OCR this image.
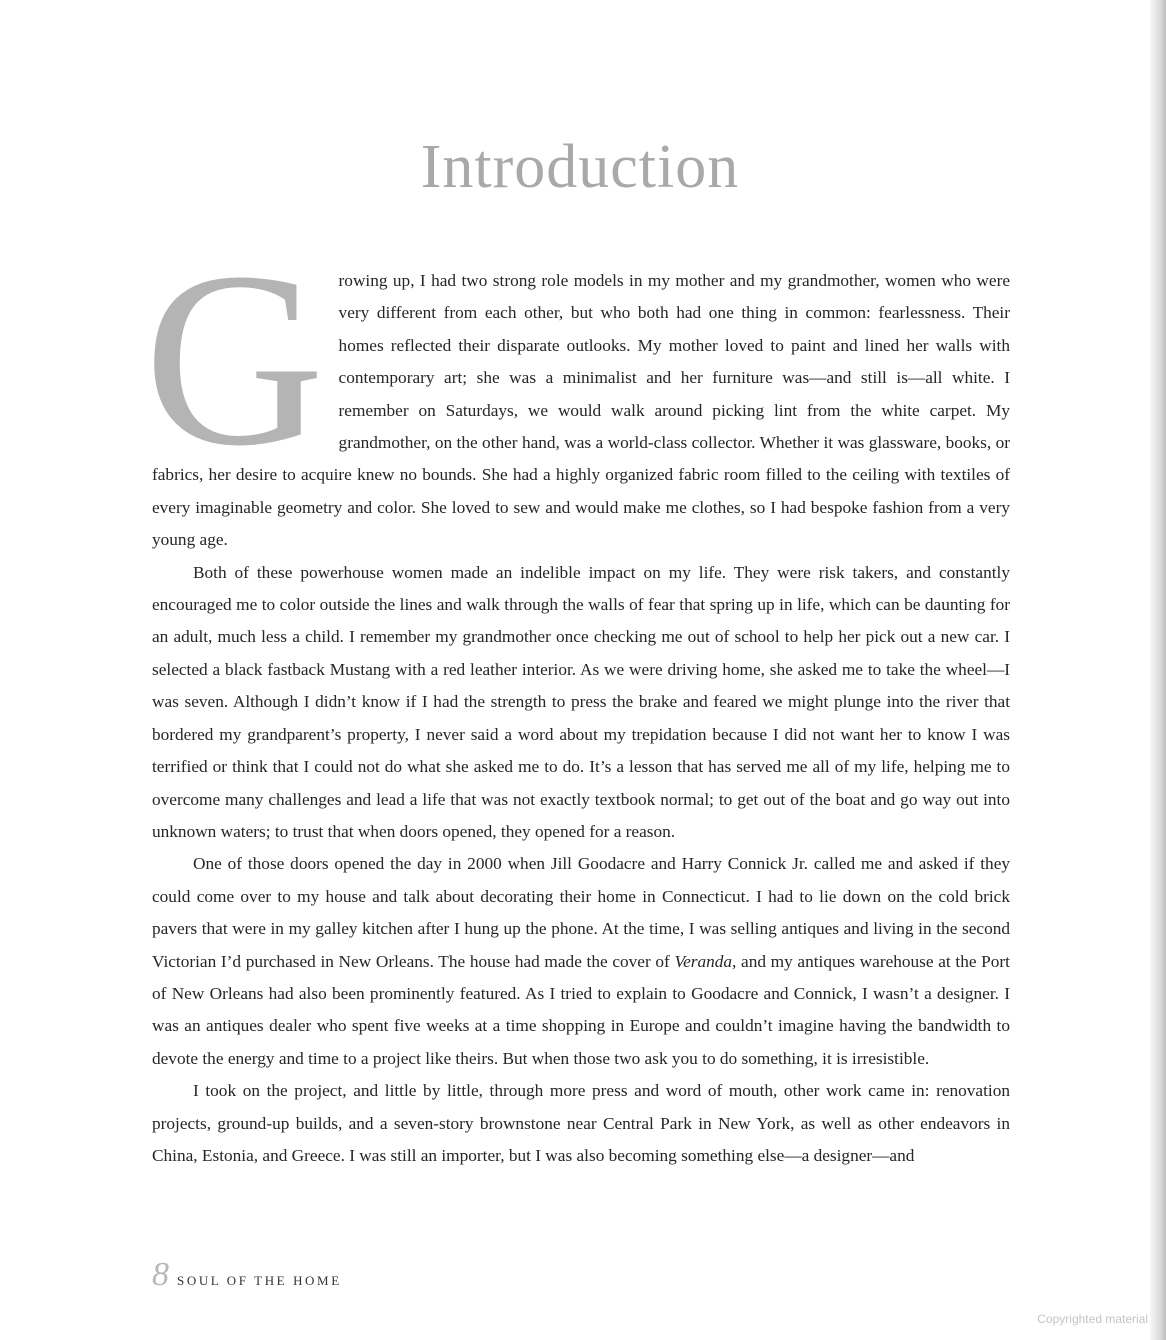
Introduction

Growing up, I had two strong role models in my mother and my grandmother, women who were very different from each other, but who both had one thing in common: fearlessness. Their homes reflected their disparate outlooks. My mother loved to paint and lined her walls with contemporary art; she was a minimalist and her furniture was—and still is—all white. I remember on Saturdays, we would walk around picking lint from the white carpet. My grandmother, on the other hand, was a world-class collector. Whether it was glassware, books, or fabrics, her desire to acquire knew no bounds. She had a highly organized fabric room filled to the ceiling with textiles of every imaginable geometry and color. She loved to sew and would make me clothes, so I had bespoke fashion from a very young age.

Both of these powerhouse women made an indelible impact on my life. They were risk takers, and constantly encouraged me to color outside the lines and walk through the walls of fear that spring up in life, which can be daunting for an adult, much less a child. I remember my grandmother once checking me out of school to help her pick out a new car. I selected a black fastback Mustang with a red leather interior. As we were driving home, she asked me to take the wheel—I was seven. Although I didn’t know if I had the strength to press the brake and feared we might plunge into the river that bordered my grandparent’s property, I never said a word about my trepidation because I did not want her to know I was terrified or think that I could not do what she asked me to do. It’s a lesson that has served me all of my life, helping me to overcome many challenges and lead a life that was not exactly textbook normal; to get out of the boat and go way out into unknown waters; to trust that when doors opened, they opened for a reason.

One of those doors opened the day in 2000 when Jill Goodacre and Harry Connick Jr. called me and asked if they could come over to my house and talk about decorating their home in Connecticut. I had to lie down on the cold brick pavers that were in my galley kitchen after I hung up the phone. At the time, I was selling antiques and living in the second Victorian I’d purchased in New Orleans. The house had made the cover of Veranda, and my antiques warehouse at the Port of New Orleans had also been prominently featured. As I tried to explain to Goodacre and Connick, I wasn’t a designer. I was an antiques dealer who spent five weeks at a time shopping in Europe and couldn’t imagine having the bandwidth to devote the energy and time to a project like theirs. But when those two ask you to do something, it is irresistible.

I took on the project, and little by little, through more press and word of mouth, other work came in: renovation projects, ground-up builds, and a seven-story brownstone near Central Park in New York, as well as other endeavors in China, Estonia, and Greece. I was still an importer, but I was also becoming something else—a designer—and

8 SOUL OF THE HOME
Copyrighted material
